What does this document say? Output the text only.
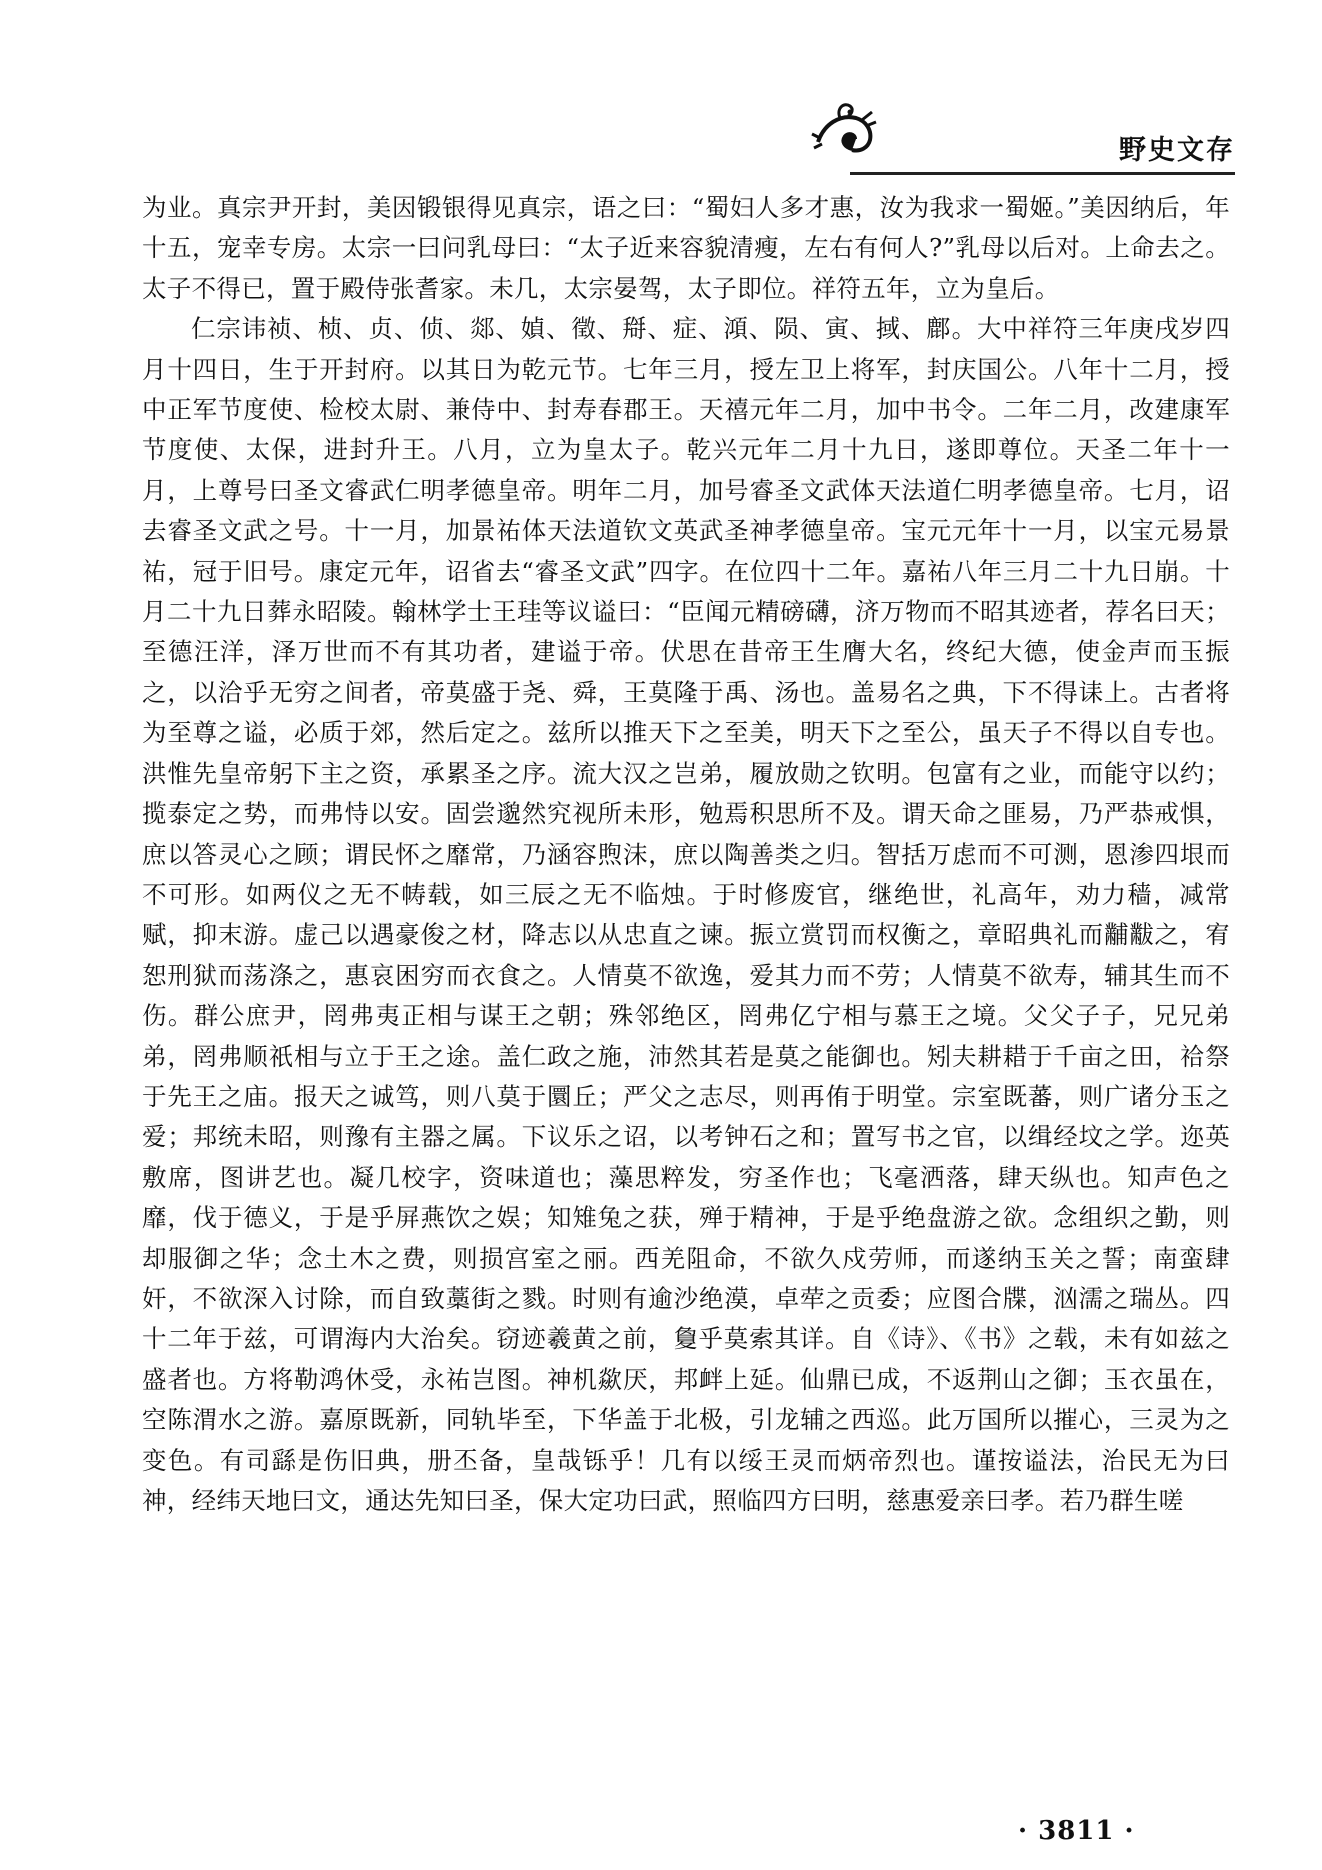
野史文存

为业。真宗尹开封，美因锻银得见真宗，语之曰：“蜀妇人多才惠，汝为我求一蜀姬。”美因纳后，年十五，宠幸专房。太宗一曰问乳母曰：“太子近来容貌清瘦，左右有何人?”乳母以后对。上命去之。太子不得已，置于殿侍张耆家。未几，太宗晏驾，太子即位。祥符五年，立为皇后。

仁宗讳祯、桢、贞、侦、郯、媜、徵、搿、症、澒、陨、寅、掝、鄜。大中祥符三年庚戌岁四月十四日，生于开封府。以其日为乾元节。七年三月，授左卫上将军，封庆国公。八年十二月，授中正军节度使、检校太尉、兼侍中、封寿春郡王。天禧元年二月，加中书令。二年二月，改建康军节度使、太保，进封升王。八月，立为皇太子。乾兴元年二月十九日，遂即尊位。天圣二年十一月，上尊号曰圣文睿武仁明孝德皇帝。明年二月，加号睿圣文武体天法道仁明孝德皇帝。七月，诏去睿圣文武之号。十一月，加景祐体天法道钦文英武圣神孝德皇帝。宝元元年十一月，以宝元易景祐，冠于旧号。康定元年，诏省去“睿圣文武”四字。在位四十二年。嘉祐八年三月二十九日崩。十月二十九日葬永昭陵。翰林学士王珪等议谥曰：“臣闻元精磅礴，济万物而不昭其迹者，荐名曰天；至德汪洋，泽万世而不有其功者，建谥于帝。伏思在昔帝王生膺大名，终纪大德，使金声而玉振之，以洽乎无穷之间者，帝莫盛于尧、舜，王莫隆于禹、汤也。盖易名之典，下不得诔上。古者将为至尊之谥，必质于郊，然后定之。兹所以推天下之至美，明天下之至公，虽天子不得以自专也。洪惟先皇帝躬下主之资，承累圣之序。流大汉之岂弟，履放勋之钦明。包富有之业，而能守以约；揽泰定之势，而弗恃以安。固尝邈然究视所未形，勉焉积思所不及。谓天命之匪易，乃严恭戒惧，庶以答灵心之顾；谓民怀之靡常，乃涵容煦沫，庶以陶善类之归。智括万虑而不可测，恩渗四垠而不可形。如两仪之无不帱载，如三辰之无不临烛。于时修废官，继绝世，礼高年，劝力穑，减常赋，抑末游。虚己以遇豪俊之材，降志以从忠直之谏。振立赏罚而权衡之，章昭典礼而黼黻之，宥恕刑狱而荡涤之，惠哀困穷而衣食之。人情莫不欲逸，爱其力而不劳；人情莫不欲寿，辅其生而不伤。群公庶尹，罔弗夷正相与谋王之朝；殊邻绝区，罔弗亿宁相与慕王之境。父父子子，兄兄弟弟，罔弗顺祇相与立于王之途。盖仁政之施，沛然其若是莫之能御也。矧夫耕耤于千亩之田，祫祭于先王之庙。报天之诚笃，则八莫于圜丘；严父之志尽，则再侑于明堂。宗室既蕃，则广诸分玉之爱；邦统未昭，则豫有主器之属。下议乐之诏，以考钟石之和；置写书之官，以缉经坟之学。迩英敷席，图讲艺也。凝几校字，资味道也；藻思粹发，穷圣作也；飞毫洒落，肆天纵也。知声色之靡，伐于德义，于是乎屏燕饮之娱；知雉兔之获，殚于精神，于是乎绝盘游之欲。念组织之勤，则却服御之华；念土木之费，则损宫室之丽。西羌阻命，不欲久戍劳师，而遂纳玉关之誓；南蛮肆奸，不欲深入讨除，而自致藁街之戮。时则有逾沙绝漠，卓荦之贡委；应图合牒，汹濡之瑞丛。四十二年于兹，可谓海内大治矣。窃迹羲黄之前，敻乎莫索其详。自《诗》、《书》之载，未有如兹之盛者也。方将勒鸿休受，永祐岂图。神机歘厌，邦衅上延。仙鼎已成，不返荆山之御；玉衣虽在，空陈渭水之游。嘉原既新，同轨毕至，下华盖于北极，引龙辅之西巡。此万国所以摧心，三灵为之变色。有司繇是伤旧典，册丕备，皇哉铄乎！几有以绥王灵而炳帝烈也。谨按谥法，治民无为曰神，经纬天地曰文，通达先知曰圣，保大定功曰武，照临四方曰明，慈惠爱亲曰孝。若乃群生嗟

· 3811 ·
